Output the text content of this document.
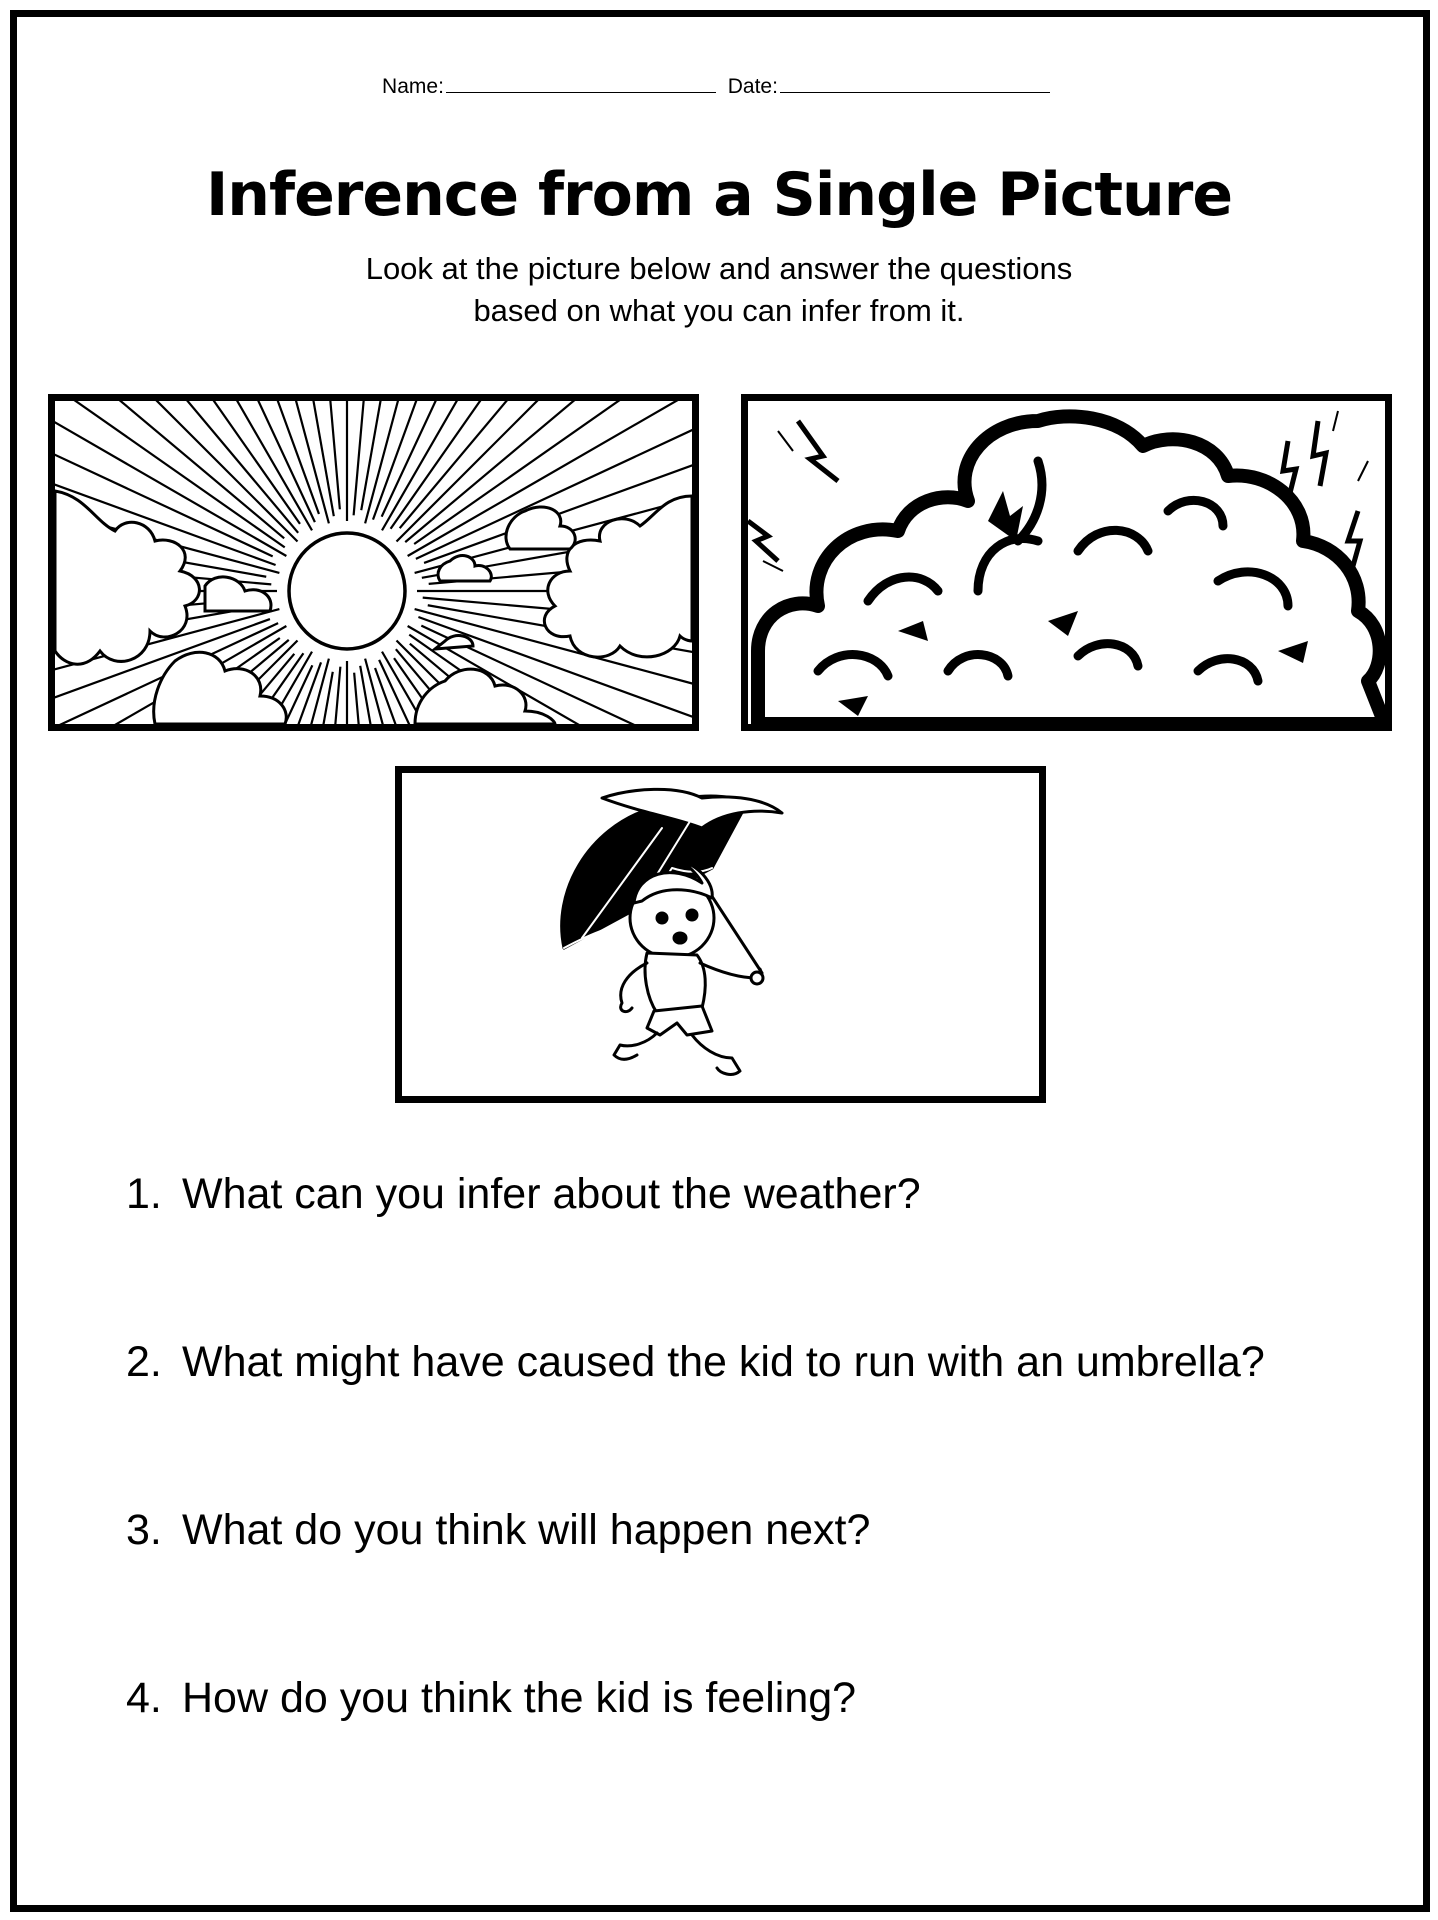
Name:	Date:
Inference from a Single Picture
Look at the picture below and answer the questions
based on what you can infer from it.
1. What can you infer about the weather?
2. What might have caused the kid to run with an umbrella?
3. What do you think will happen next?
4. How do you think the kid is feeling?
